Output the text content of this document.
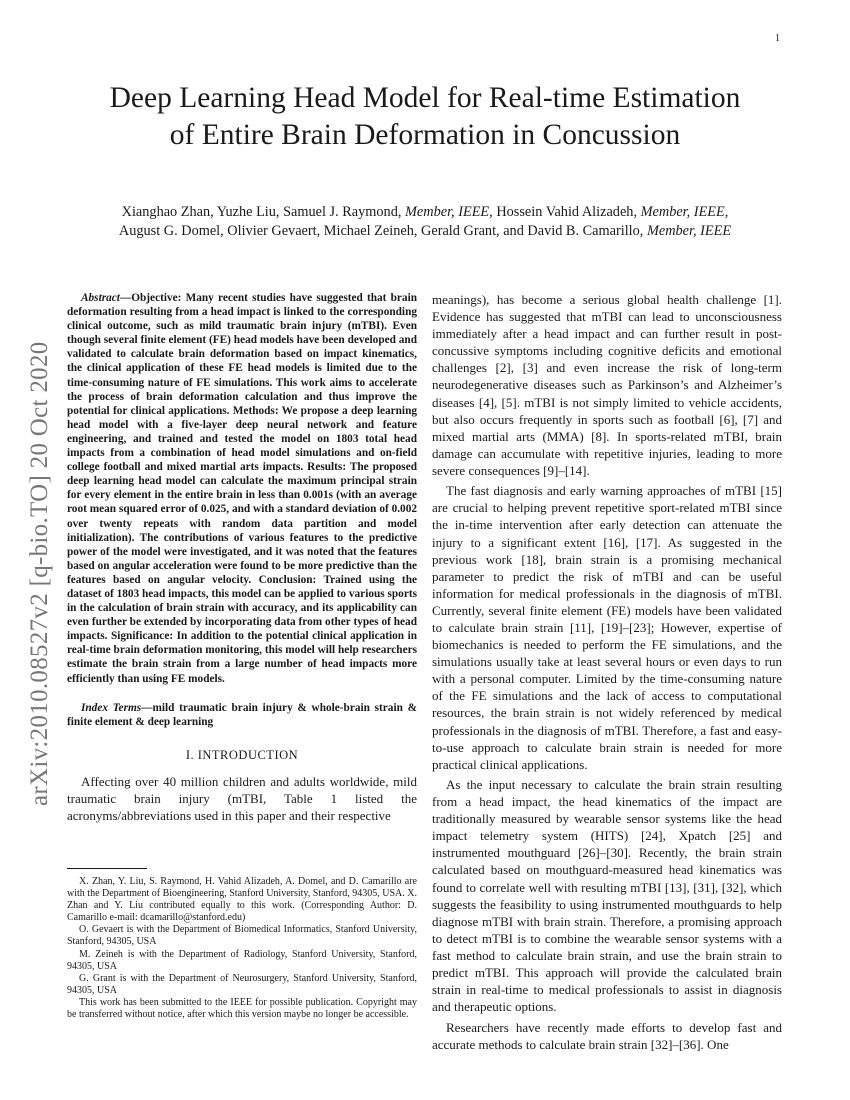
1
arXiv:2010.08527v2 [q-bio.TO] 20 Oct 2020
Deep Learning Head Model for Real-time Estimation of Entire Brain Deformation in Concussion
Xianghao Zhan, Yuzhe Liu, Samuel J. Raymond, Member, IEEE, Hossein Vahid Alizadeh, Member, IEEE,
August G. Domel, Olivier Gevaert, Michael Zeineh, Gerald Grant, and David B. Camarillo, Member, IEEE

Abstract—Objective: Many recent studies have suggested that brain deformation resulting from a head impact is linked to the corresponding clinical outcome, such as mild traumatic brain injury (mTBI). Even though several finite element (FE) head models have been developed and validated to calculate brain deformation based on impact kinematics, the clinical application of these FE head models is limited due to the time-consuming nature of FE simulations. This work aims to accelerate the process of brain deformation calculation and thus improve the potential for clinical applications. Methods: We propose a deep learning head model with a five-layer deep neural network and feature engineering, and trained and tested the model on 1803 total head impacts from a combination of head model simulations and on-field college football and mixed martial arts impacts. Results: The proposed deep learning head model can calculate the maximum principal strain for every element in the entire brain in less than 0.001s (with an average root mean squared error of 0.025, and with a standard deviation of 0.002 over twenty repeats with random data partition and model initialization). The contributions of various features to the predictive power of the model were investigated, and it was noted that the features based on angular acceleration were found to be more predictive than the features based on angular velocity. Conclusion: Trained using the dataset of 1803 head impacts, this model can be applied to various sports in the calculation of brain strain with accuracy, and its applicability can even further be extended by incorporating data from other types of head impacts. Significance: In addition to the potential clinical application in real-time brain deformation monitoring, this model will help researchers estimate the brain strain from a large number of head impacts more efficiently than using FE models.

Index Terms—mild traumatic brain injury & whole-brain strain & finite element & deep learning

I. INTRODUCTION

Affecting over 40 million children and adults worldwide, mild traumatic brain injury (mTBI, Table 1 listed the acronyms/abbreviations used in this paper and their respective

X. Zhan, Y. Liu, S. Raymond, H. Vahid Alizadeh, A. Domel, and D. Camarillo are with the Department of Bioengineering, Stanford University, Stanford, 94305, USA. X. Zhan and Y. Liu contributed equally to this work. (Corresponding Author: D. Camarillo e-mail: dcamarillo@stanford.edu)

O. Gevaert is with the Department of Biomedical Informatics, Stanford University, Stanford, 94305, USA

M. Zeineh is with the Department of Radiology, Stanford University, Stanford, 94305, USA

G. Grant is with the Department of Neurosurgery, Stanford University, Stanford, 94305, USA

This work has been submitted to the IEEE for possible publication. Copyright may be transferred without notice, after which this version maybe no longer be accessible.

meanings), has become a serious global health challenge [1]. Evidence has suggested that mTBI can lead to unconsciousness immediately after a head impact and can further result in post-concussive symptoms including cognitive deficits and emotional challenges [2], [3] and even increase the risk of long-term neurodegenerative diseases such as Parkinson’s and Alzheimer’s diseases [4], [5]. mTBI is not simply limited to vehicle accidents, but also occurs frequently in sports such as football [6], [7] and mixed martial arts (MMA) [8]. In sports-related mTBI, brain damage can accumulate with repetitive injuries, leading to more severe consequences [9]–[14].

The fast diagnosis and early warning approaches of mTBI [15] are crucial to helping prevent repetitive sport-related mTBI since the in-time intervention after early detection can attenuate the injury to a significant extent [16], [17]. As suggested in the previous work [18], brain strain is a promising mechanical parameter to predict the risk of mTBI and can be useful information for medical professionals in the diagnosis of mTBI. Currently, several finite element (FE) models have been validated to calculate brain strain [11], [19]–[23]; However, expertise of biomechanics is needed to perform the FE simulations, and the simulations usually take at least several hours or even days to run with a personal computer. Limited by the time-consuming nature of the FE simulations and the lack of access to computational resources, the brain strain is not widely referenced by medical professionals in the diagnosis of mTBI. Therefore, a fast and easy-to-use approach to calculate brain strain is needed for more practical clinical applications.

As the input necessary to calculate the brain strain resulting from a head impact, the head kinematics of the impact are traditionally measured by wearable sensor systems like the head impact telemetry system (HITS) [24], Xpatch [25] and instrumented mouthguard [26]–[30]. Recently, the brain strain calculated based on mouthguard-measured head kinematics was found to correlate well with resulting mTBI [13], [31], [32], which suggests the feasibility to using instrumented mouthguards to help diagnose mTBI with brain strain. Therefore, a promising approach to detect mTBI is to combine the wearable sensor systems with a fast method to calculate brain strain, and use the brain strain to predict mTBI. This approach will provide the calculated brain strain in real-time to medical professionals to assist in diagnosis and therapeutic options.

Researchers have recently made efforts to develop fast and accurate methods to calculate brain strain [32]–[36]. One
